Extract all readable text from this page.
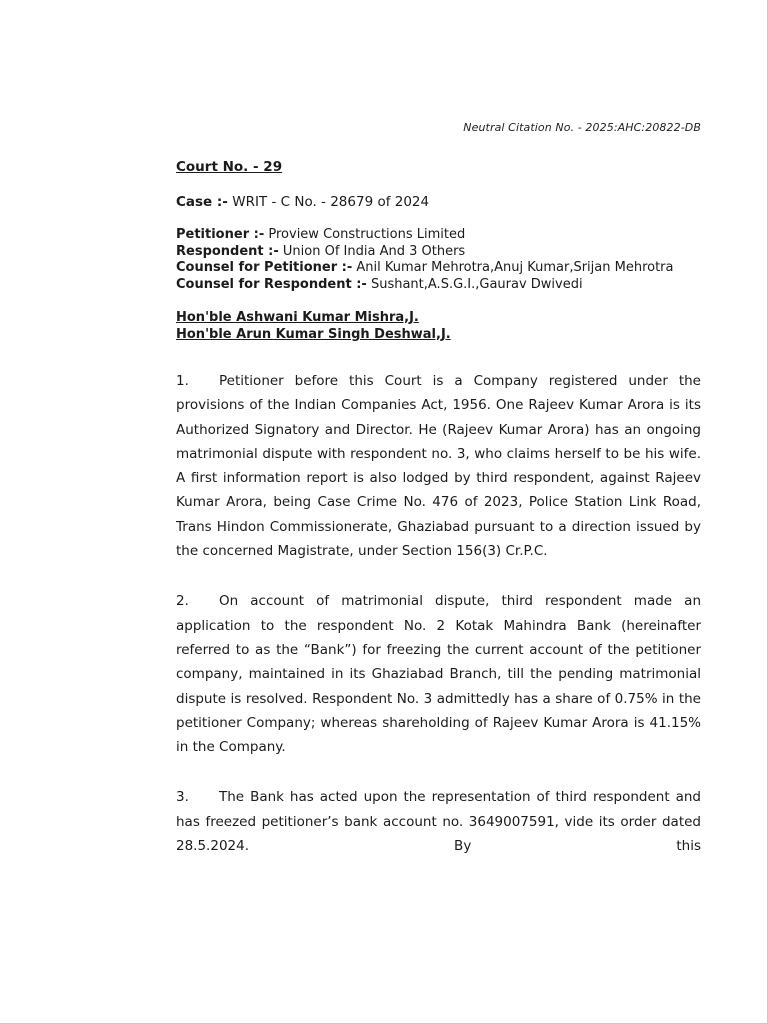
Neutral Citation No. - 2025:AHC:20822-DB
Court No. - 29
Case :- WRIT - C No. - 28679 of 2024
Petitioner :- Proview Constructions Limited
Respondent :- Union Of India And 3 Others
Counsel for Petitioner :- Anil Kumar Mehrotra,Anuj Kumar,Srijan Mehrotra
Counsel for Respondent :- Sushant,A.S.G.I.,Gaurav Dwivedi
Hon'ble Ashwani Kumar Mishra,J.
Hon'ble Arun Kumar Singh Deshwal,J.

1. Petitioner before this Court is a Company registered under the provisions of the Indian Companies Act, 1956. One Rajeev Kumar Arora is its Authorized Signatory and Director. He (Rajeev Kumar Arora) has an ongoing matrimonial dispute with respondent no. 3, who claims herself to be his wife. A first information report is also lodged by third respondent, against Rajeev Kumar Arora, being Case Crime No. 476 of 2023, Police Station Link Road, Trans Hindon Commissionerate, Ghaziabad pursuant to a direction issued by the concerned Magistrate, under Section 156(3) Cr.P.C.

2. On account of matrimonial dispute, third respondent made an application to the respondent No. 2 Kotak Mahindra Bank (hereinafter referred to as the “Bank”) for freezing the current account of the petitioner company, maintained in its Ghaziabad Branch, till the pending matrimonial dispute is resolved. Respondent No. 3 admittedly has a share of 0.75% in the petitioner Company; whereas shareholding of Rajeev Kumar Arora is 41.15% in the Company.

3. The Bank has acted upon the representation of third respondent and has freezed petitioner’s bank account no. 3649007591, vide its order dated 28.5.2024. By this
